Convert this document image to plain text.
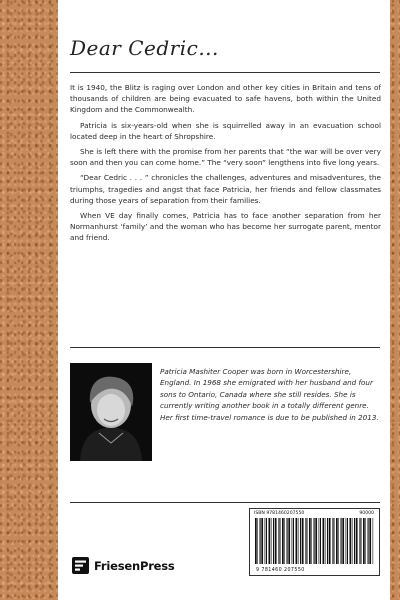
Dear Cedric...

It is 1940, the Blitz is raging over London and other key cities in Britain and tens of thousands of children are being evacuated to safe havens, both within the United Kingdom and the Commonwealth.

Patricia is six-years-old when she is squirrelled away in an evacuation school located deep in the heart of Shropshire.

She is left there with the promise from her parents that “the war will be over very soon and then you can come home.” The “very soon” lengthens into five long years.

“Dear Cedric . . . ” chronicles the challenges, adventures and misadventures, the triumphs, tragedies and angst that face Patricia, her friends and fellow classmates during those years of separation from their families.

When VE day finally comes, Patricia has to face another separation from her Normanhurst ‘family’ and the woman who has become her surrogate parent, mentor and friend.

Patricia Mashiter Cooper was born in Worcestershire, England. In 1968 she emigrated with her husband and four sons to Ontario, Canada where she still resides. She is currently writing another book in a totally different genre. Her first time-travel romance is due to be published in 2013.
ISBN 9781460207550	90000
9 781460 207550
FriesenPress
